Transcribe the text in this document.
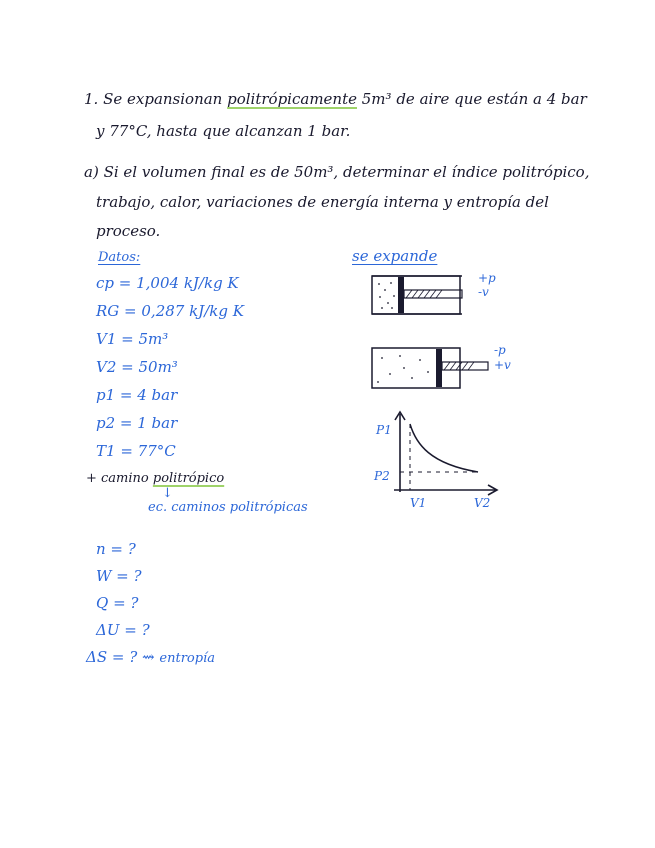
1. Se expansionan politrópicamente 5m³ de aire que están a 4 bar
y 77°C, hasta que alcanzan 1 bar.
a) Si el volumen final es de 50m³, determinar el índice politrópico,
trabajo, calor, variaciones de energía interna y entropía del
proceso.
Datos:
cp = 1,004 kJ/kg K
RG = 0,287 kJ/kg K
V1 = 5m³
V2 = 50m³
p1 = 4 bar
p2 = 1 bar
T1 = 77°C
+ camino politrópico
↓
ec. caminos politrópicas
n = ?
W = ?
Q = ?
ΔU = ?
ΔS = ? ⇝ entropía
se expande
+p
-v
-p
+v
P1
P2
V1	V2
